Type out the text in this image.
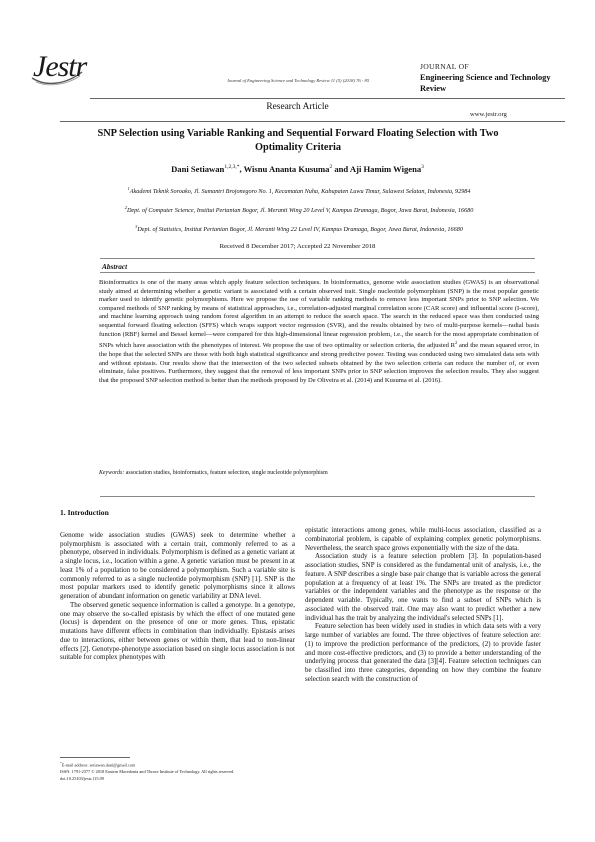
Jestr	Journal of Engineering Science and Technology Review 11 (5) (2018) 76 - 85
JOURNAL OF
Engineering Science and Technology Review
Research Article
www.jestr.org
SNP Selection using Variable Ranking and Sequential Forward Floating Selection with Two Optimality Criteria
Dani Setiawan$^{1,2,3,*}$, Wisnu Ananta Kusuma$^2$ and Aji Hamim Wigena$^3$
$^1$Akademi Teknik Soroako, Jl. Sumantri Brojonegoro No. 1, Kecamatan Nuha, Kabupaten Luwu Timur, Sulawesi Selatan, Indonesia, 92984
$^2$Dept. of Computer Science, Institut Pertanian Bogor, Jl. Meranti Wing 20 Level V, Kampus Dramaga, Bogor, Jawa Barat, Indonesia, 16680
$^3$Dept. of Statistics, Institut Pertanian Bogor, Jl. Meranti Wing 22 Level IV, Kampus Dramaga, Bogor, Jawa Barat, Indonesia, 16680
Received 8 December 2017; Accepted 22 November 2018
Abstract
Bioinformatics is one of the many areas which apply feature selection techniques. In bioinformatics, genome wide association studies (GWAS) is an observational study aimed at determining whether a genetic variant is associated with a certain observed trait. Single nucleotide polymorphism (SNP) is the most popular genetic marker used to identify genetic polymorphisms. Here we propose the use of variable ranking methods to remove less important SNPs prior to SNP selection. We compared methods of SNP ranking by means of statistical approaches, i.e., correlation-adjusted marginal correlation score (CAR score) and influential score (I-score), and machine learning approach using random forest algorithm in an attempt to reduce the search space. The search in the reduced space was then conducted using sequential forward floating selection (SFFS) which wraps support vector regression (SVR), and the results obtained by two of multi-purpose kernels—radial basis function (RBF) kernel and Bessel kernel—were compared for this high-dimensional linear regression problem, i.e., the search for the most appropriate combination of SNPs which have association with the phenotypes of interest. We propose the use of two optimality or selection criteria, the adjusted $R^2$ and the mean squared error, in the hope that the selected SNPs are those with both high statistical significance and strong predictive power. Testing was conducted using two simulated data sets with and without epistasis. Our results show that the intersection of the two selected subsets obtained by the two selection criteria can reduce the number of, or even eliminate, false positives. Furthermore, they suggest that the removal of less important SNPs prior to SNP selection improves the selection results. They also suggest that the proposed SNP selection method is better than the methods proposed by De Oliveira et al. (2014) and Kusuma et al. (2016).
Keywords: association studies, bioinformatics, feature selection, single nucleotide polymorphism
1. Introduction

Genome wide association studies (GWAS) seek to determine whether a polymorphism is associated with a certain trait, commonly referred to as a phenotype, observed in individuals. Polymorphism is defined as a genetic variant at a single locus, i.e., location within a gene. A genetic variation must be present in at least 1% of a population to be considered a polymorphism. Such a variable site is commonly referred to as a single nucleotide polymorphism (SNP) [1]. SNP is the most popular markers used to identify genetic polymorphisms since it allows generation of abundant information on genetic variability at DNA level.

The observed genetic sequence information is called a genotype. In a genotype, one may observe the so-called epistasis by which the effect of one mutated gene (locus) is dependent on the presence of one or more genes. Thus, epistatic mutations have different effects in combination than individually. Epistasis arises due to interactions, either between genes or within them, that lead to non-linear effects [2]. Genotype-phenotype association based on single locus association is not suitable for complex phenotypes with

epistatic interactions among genes, while multi-locus association, classified as a combinatorial problem, is capable of explaining complex genetic polymorphisms. Nevertheless, the search space grows exponentially with the size of the data.

Association study is a feature selection problem [3]. In population-based association studies, SNP is considered as the fundamental unit of analysis, i.e., the feature. A SNP describes a single base pair change that is variable across the general population at a frequency of at least 1%. The SNPs are treated as the predictor variables or the independent variables and the phenotype as the response or the dependent variable. Typically, one wants to find a subset of SNPs which is associated with the observed trait. One may also want to predict whether a new individual has the trait by analyzing the individual's selected SNPs [1].

Feature selection has been widely used in studies in which data sets with a very large number of variables are found. The three objectives of feature selection are: (1) to improve the prediction performance of the predictors, (2) to provide faster and more cost-effective predictors, and (3) to provide a better understanding of the underlying process that generated the data [3][4]. Feature selection techniques can be classified into three categories, depending on how they combine the feature selection search with the construction of

*E-mail address: setiawan.dani@gmail.com
ISSN: 1791-2377 © 2018 Eastern Macedonia and Thrace Institute of Technology. All rights reserved.
doi:10.25103/jestr.115.09
